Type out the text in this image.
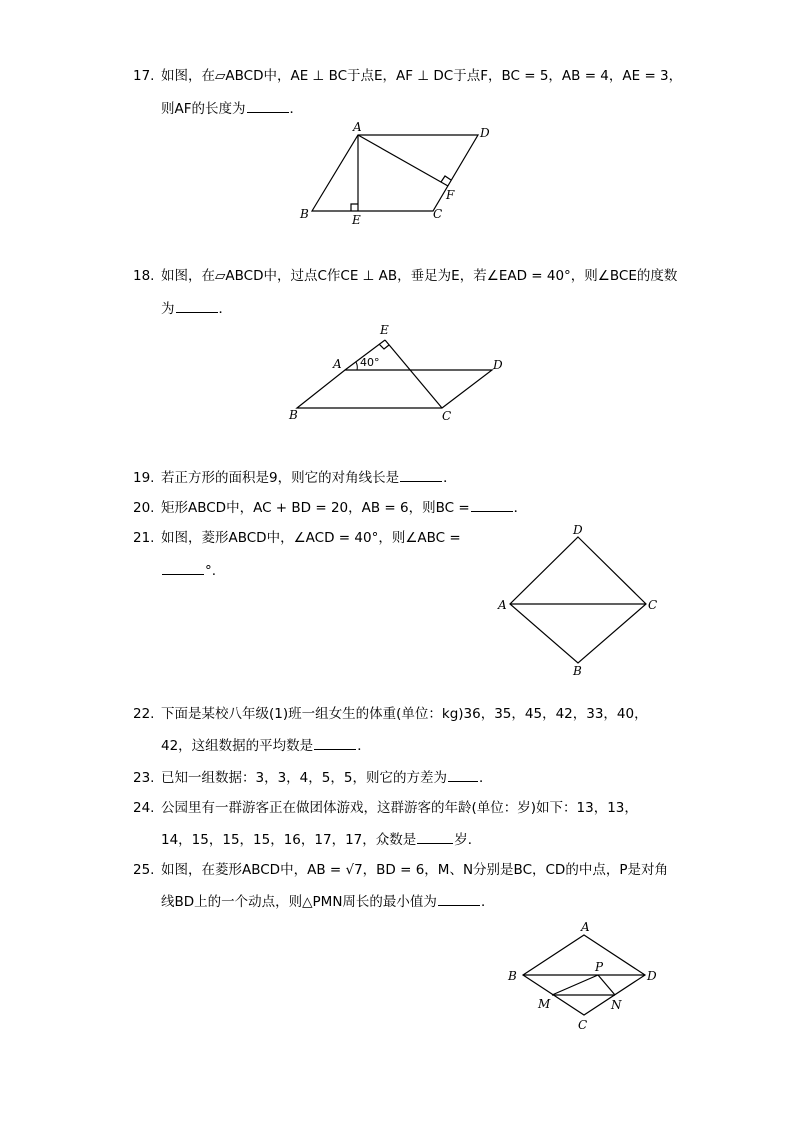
17. 如图，在▱ABCD中，AE ⊥ BC于点E，AF ⊥ DC于点F，BC = 5，AB = 4，AE = 3，
则AF的长度为	．
A	D
B	E	C
F
18. 如图，在▱ABCD中，过点C作CE ⊥ AB，垂足为E，若∠EAD = 40°，则∠BCE的度数
为	．
40°
A
E
D
B	C
19. 若正方形的面积是9，则它的对角线长是	．
20. 矩形ABCD中，AC + BD = 20，AB = 6，则BC =	．
21. 如图，菱形ABCD中，∠ACD = 40°，则∠ABC =
°.
D
C
A
B
22. 下面是某校八年级(1)班一组女生的体重(单位：kg)36，35，45，42，33，40，
42，这组数据的平均数是	．
23. 已知一组数据：3，3，4，5，5，则它的方差为 ．
24. 公园里有一群游客正在做团体游戏，这群游客的年龄(单位：岁)如下：13，13，
14，15，15，15，16，17，17，众数是	岁．
25. 如图，在菱形ABCD中，AB = √7，BD = 6，M、N分别是BC，CD的中点，P是对角
线BD上的一个动点，则△PMN周长的最小值为	．
A
B	D
P
M	N
C
